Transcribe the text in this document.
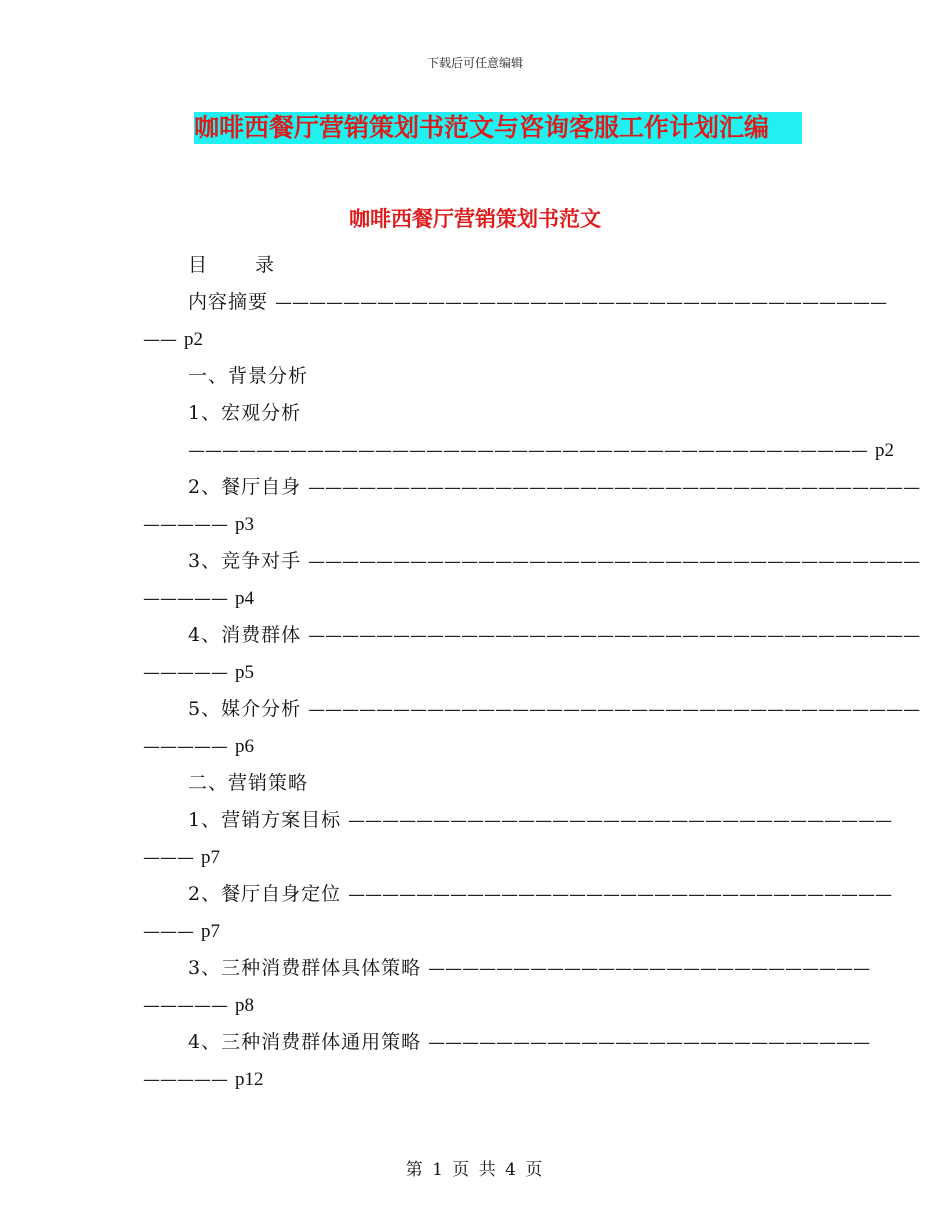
下载后可任意编辑
咖啡西餐厅营销策划书范文与咨询客服工作计划汇编
咖啡西餐厅营销策划书范文
目	录
内容摘要 ————————————————————————————————————
—— p2
一、背景分析
1、宏观分析
———————————————————————————————————————— p2
2、餐厅自身 ————————————————————————————————————
————— p3
3、竞争对手 ————————————————————————————————————
————— p4
4、消费群体 ————————————————————————————————————
————— p5
5、媒介分析 ————————————————————————————————————
————— p6
二、营销策略
1、营销方案目标 ————————————————————————————————
——— p7
2、餐厅自身定位 ————————————————————————————————
——— p7
3、三种消费群体具体策略 ——————————————————————————
————— p8
4、三种消费群体通用策略 ——————————————————————————
————— p12
第 1 页 共 4 页
